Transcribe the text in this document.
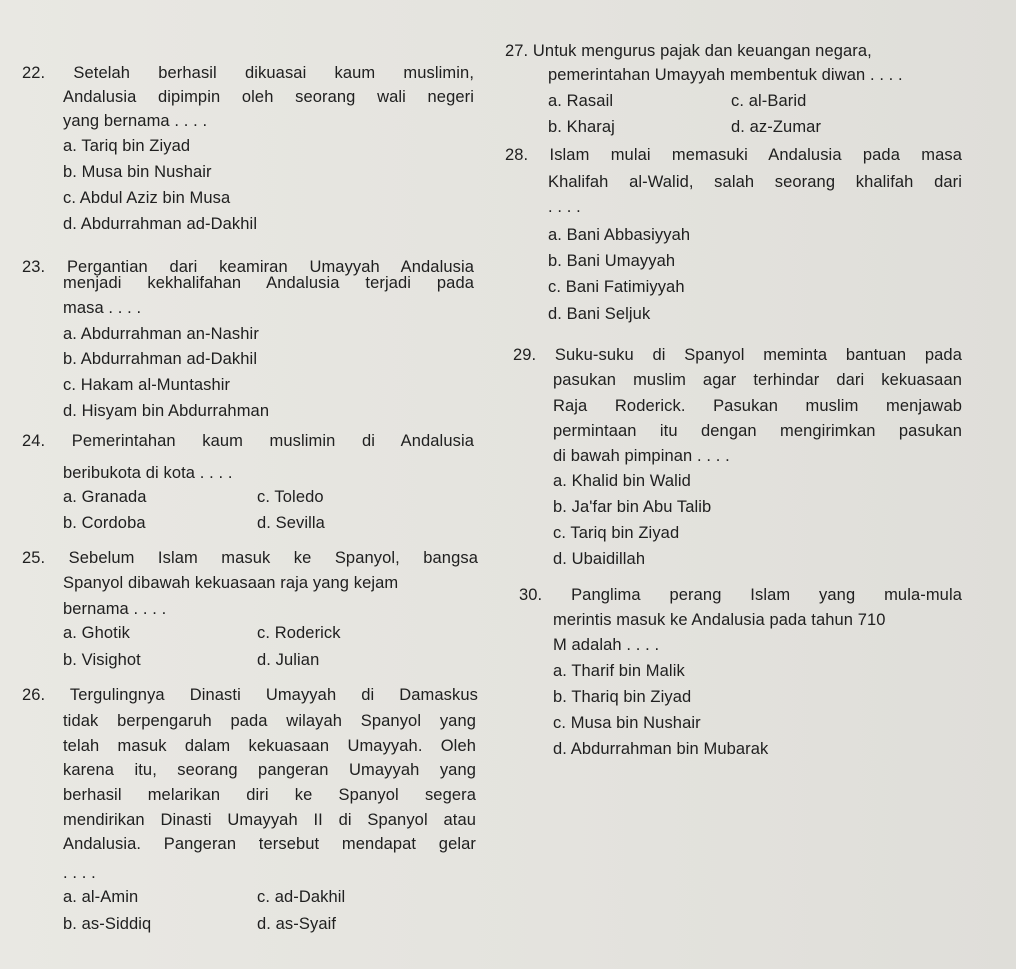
22. Setelah berhasil dikuasai kaum muslimin,
Andalusia dipimpin oleh seorang wali negeri
yang bernama . . . .
a. Tariq bin Ziyad
b. Musa bin Nushair
c. Abdul Aziz bin Musa
d. Abdurrahman ad-Dakhil
23. Pergantian dari keamiran Umayyah Andalusia
menjadi kekhalifahan Andalusia terjadi pada
masa . . . .
a. Abdurrahman an-Nashir
b. Abdurrahman ad-Dakhil
c. Hakam al-Muntashir
d. Hisyam bin Abdurrahman
24. Pemerintahan kaum muslimin di Andalusia
beribukota di kota . . . .
a. Granada	c. Toledo
b. Cordoba	d. Sevilla
25. Sebelum Islam masuk ke Spanyol, bangsa
Spanyol dibawah kekuasaan raja yang kejam
bernama . . . .
a. Ghotik	c. Roderick
b. Visighot	d. Julian
26. Tergulingnya Dinasti Umayyah di Damaskus
tidak berpengaruh pada wilayah Spanyol yang
telah masuk dalam kekuasaan Umayyah. Oleh
karena itu, seorang pangeran Umayyah yang
berhasil melarikan diri ke Spanyol segera
mendirikan Dinasti Umayyah II di Spanyol atau
Andalusia. Pangeran tersebut mendapat gelar
. . . .
a. al-Amin	c. ad-Dakhil
b. as-Siddiq	d. as-Syaif
27. Untuk mengurus pajak dan keuangan negara,
pemerintahan Umayyah membentuk diwan . . . .
a. Rasail	c. al-Barid
b. Kharaj	d. az-Zumar
28. Islam mulai memasuki Andalusia pada masa
Khalifah al-Walid, salah seorang khalifah dari
. . . .
a. Bani Abbasiyyah
b. Bani Umayyah
c. Bani Fatimiyyah
d. Bani Seljuk
29. Suku-suku di Spanyol meminta bantuan pada
pasukan muslim agar terhindar dari kekuasaan
Raja Roderick. Pasukan muslim menjawab
permintaan itu dengan mengirimkan pasukan
di bawah pimpinan . . . .
a. Khalid bin Walid
b. Ja'far bin Abu Talib
c. Tariq bin Ziyad
d. Ubaidillah
30. Panglima perang Islam yang mula-mula
merintis masuk ke Andalusia pada tahun 710
M adalah . . . .
a. Tharif bin Malik
b. Thariq bin Ziyad
c. Musa bin Nushair
d. Abdurrahman bin Mubarak
